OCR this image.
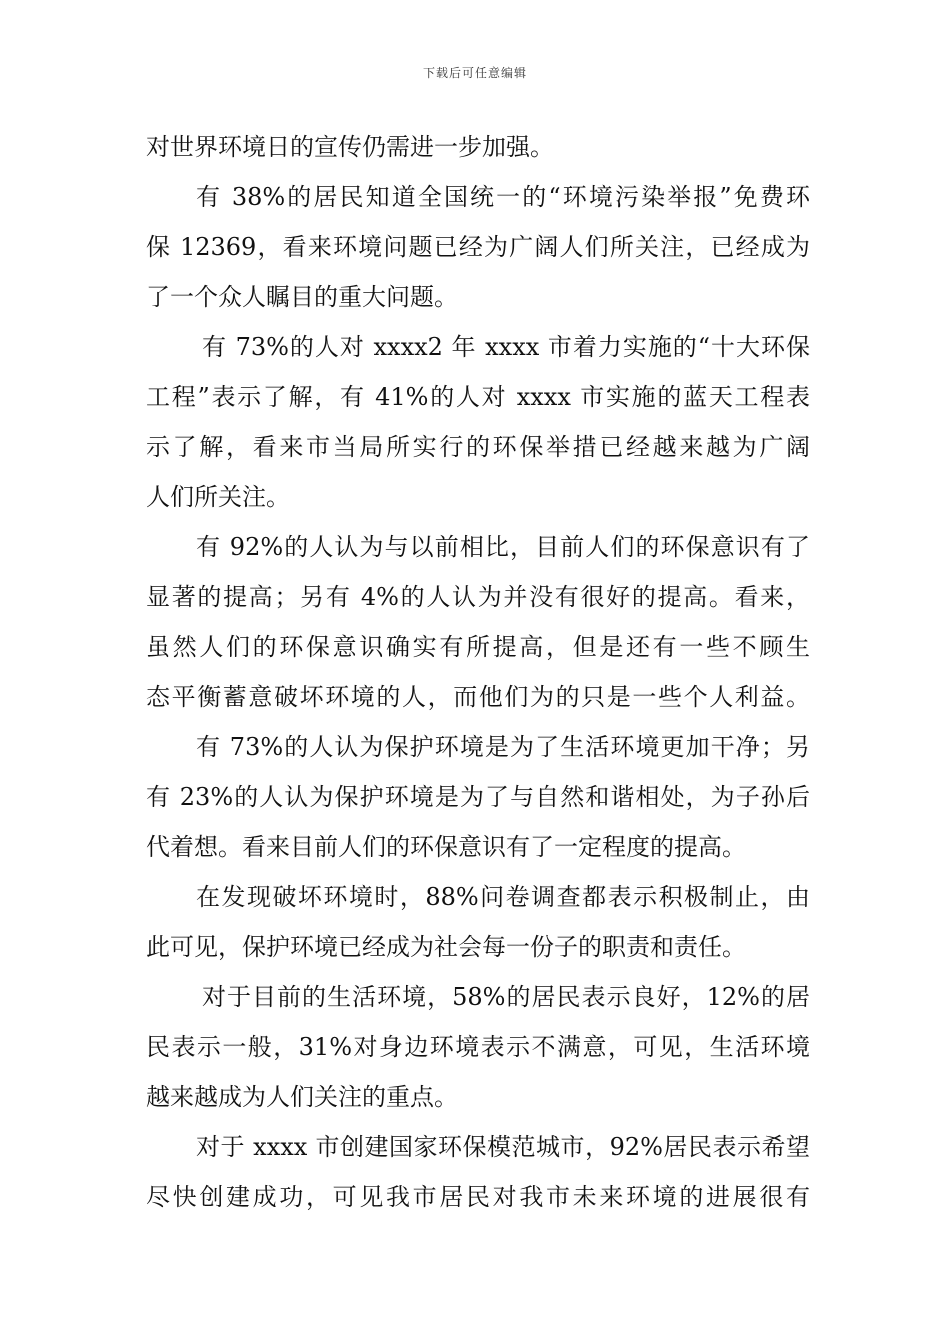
下载后可任意编辑
对世界环境日的宣传仍需进一步加强。
有 38%的居民知道全国统一的“环境污染举报”免费环
保 12369，看来环境问题已经为广阔人们所关注，已经成为
了一个众人瞩目的重大问题。
有 73%的人对 xxxx2 年 xxxx 市着力实施的“十大环保
工程”表示了解，有 41%的人对 xxxx 市实施的蓝天工程表
示了解，看来市当局所实行的环保举措已经越来越为广阔
人们所关注。
有 92%的人认为与以前相比，目前人们的环保意识有了
显著的提高；另有 4%的人认为并没有很好的提高。看来，
虽然人们的环保意识确实有所提高，但是还有一些不顾生
态平衡蓄意破坏环境的人，而他们为的只是一些个人利益。
有 73%的人认为保护环境是为了生活环境更加干净；另
有 23%的人认为保护环境是为了与自然和谐相处，为子孙后
代着想。看来目前人们的环保意识有了一定程度的提高。
在发现破坏环境时，88%问卷调查都表示积极制止，由
此可见，保护环境已经成为社会每一份子的职责和责任。
对于目前的生活环境，58%的居民表示良好，12%的居
民表示一般，31%对身边环境表示不满意，可见，生活环境
越来越成为人们关注的重点。
对于 xxxx 市创建国家环保模范城市，92%居民表示希望
尽快创建成功，可见我市居民对我市未来环境的进展很有
